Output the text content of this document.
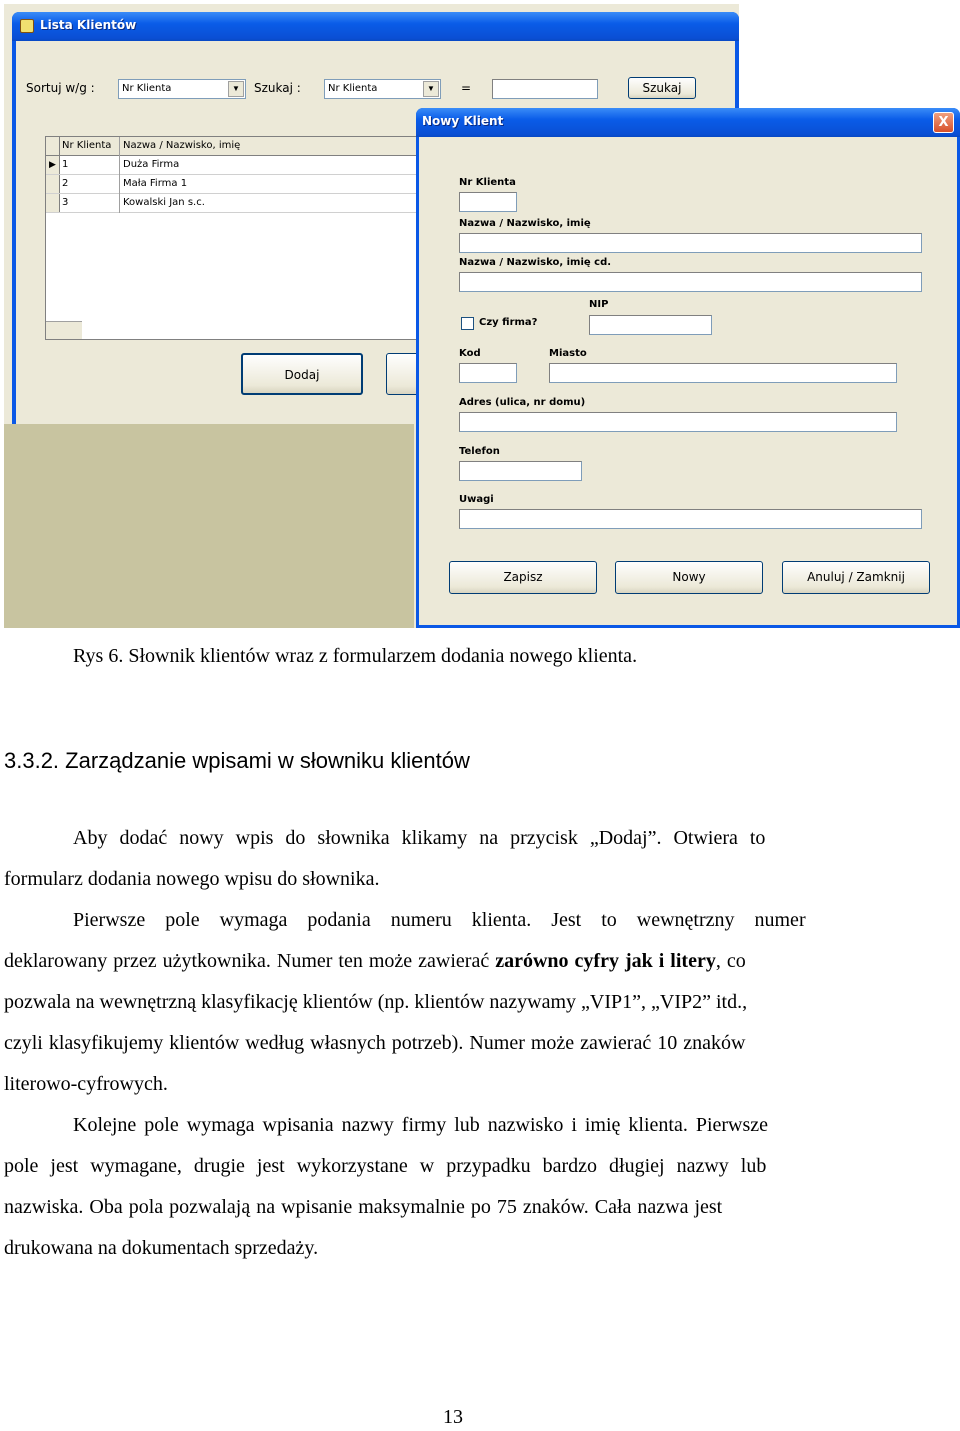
Lista Klientów
Sortuj w/g :	Nr Klienta	▼	Szukaj :	Nr Klienta	▼	=	Szukaj
Nr Klienta Nazwa / Nazwisko, imię
▶ 1	Duża Firma
2	Mała Firma 1
3	Kowalski Jan s.c.
Dodaj
Nowy Klient	X
Nr Klienta
Nazwa / Nazwisko, imię
Nazwa / Nazwisko, imię cd.
NIP
Czy firma?
Kod	Miasto
Adres (ulica, nr domu)
Telefon
Uwagi
Zapisz	Nowy	Anuluj / Zamknij
Rys 6. Słownik klientów wraz z formularzem dodania nowego klienta.
3.3.2. Zarządzanie wpisami w słowniku klientów
Aby dodać nowy wpis do słownika klikamy na przycisk „Dodaj”. Otwiera to
formularz dodania nowego wpisu do słownika.
Pierwsze pole wymaga podania numeru klienta. Jest to wewnętrzny numer
deklarowany przez użytkownika. Numer ten może zawierać zarówno cyfry jak i litery, co
pozwala na wewnętrzną klasyfikację klientów (np. klientów nazywamy „VIP1”, „VIP2” itd.,
czyli klasyfikujemy klientów według własnych potrzeb). Numer może zawierać 10 znaków
literowo-cyfrowych.
Kolejne pole wymaga wpisania nazwy firmy lub nazwisko i imię klienta. Pierwsze
pole jest wymagane, drugie jest wykorzystane w przypadku bardzo długiej nazwy lub
nazwiska. Oba pola pozwalają na wpisanie maksymalnie po 75 znaków. Cała nazwa jest
drukowana na dokumentach sprzedaży.
13
